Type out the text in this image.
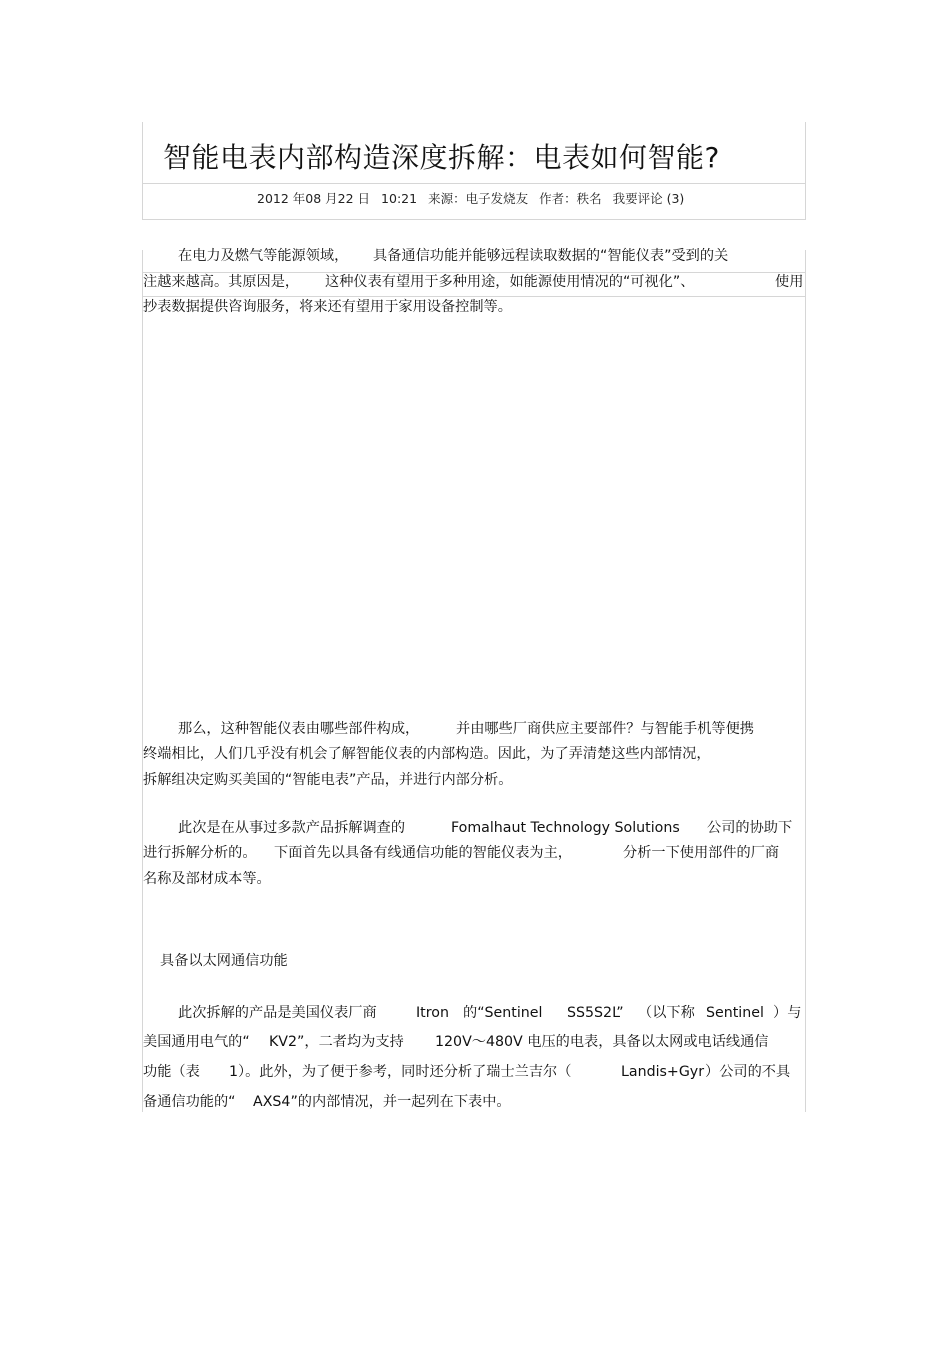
智能电表内部构造深度拆解：电表如何智能?
2012 年08 月22 日 10:21 来源：电子发烧友 作者：秩名 我要评论 (3)
在电力及燃气等能源领域， 具备通信功能并能够远程读取数据的“智能仪表”受到的关
注越来越高。其原因是， 这种仪表有望用于多种用途，如能源使用情况的“可视化”、	使用
抄表数据提供咨询服务，将来还有望用于家用设备控制等。
那么，这种智能仪表由哪些部件构成，	并由哪些厂商供应主要部件？与智能手机等便携
终端相比，人们几乎没有机会了解智能仪表的内部构造。因此，为了弄清楚这些内部情况，
拆解组决定购买美国的“智能电表”产品，并进行内部分析。
此次是在从事过多款产品拆解调查的	Fomalhaut Technology Solutions 公司的协助下
进行拆解分析的。 下面首先以具备有线通信功能的智能仪表为主，	分析一下使用部件的厂商
名称及部材成本等。
具备以太网通信功能
此次拆解的产品是美国仪表厂商	Itron 的“Sentinel SS5S2L” （以下称 Sentinel ）与
美国通用电气的“ KV2”，二者均为支持 120V～480V 电压的电表，具备以太网或电话线通信
功能（表 1）。此外，为了便于参考，同时还分析了瑞士兰吉尔（	Landis+Gyr ）公司的不具
备通信功能的“ AXS4”的内部情况，并一起列在下表中。
